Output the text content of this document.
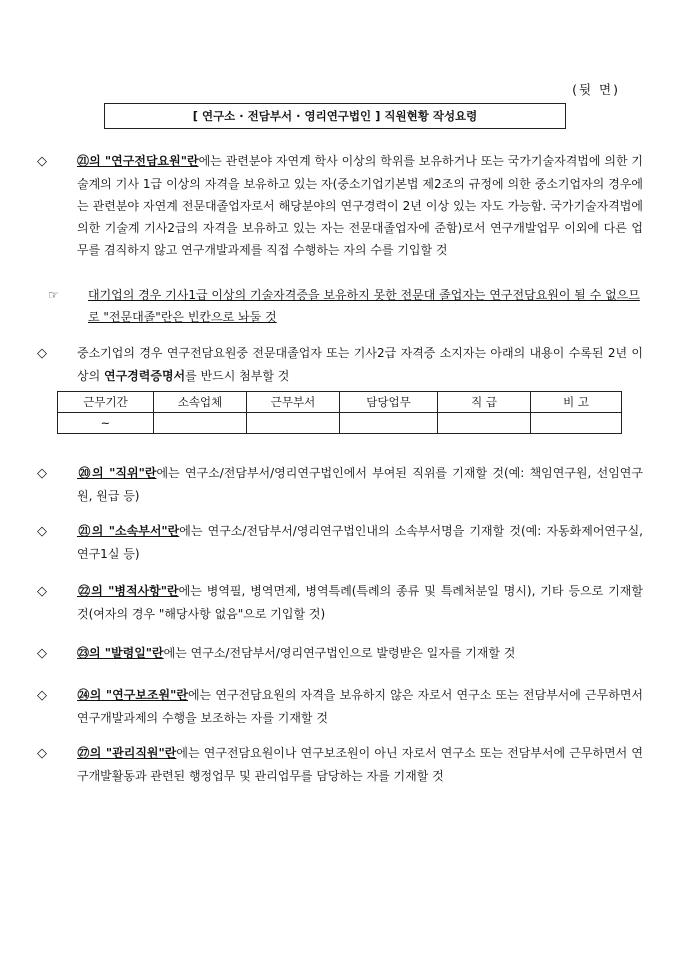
(뒷 면)
[ 연구소 · 전담부서 · 영리연구법인 ] 직원현황 작성요령
◇	㉑의 "연구전담요원"란에는 관련분야 자연계 학사 이상의 학위를 보유하거나 또는 국가기술자격법에 의한 기술계의 기사 1급 이상의 자격을 보유하고 있는 자(중소기업기본법 제2조의 규정에 의한 중소기업자의 경우에는 관련분야 자연계 전문대졸업자로서 해당분야의 연구경력이 2년 이상 있는 자도 가능함. 국가기술자격법에 의한 기술계 기사2급의 자격을 보유하고 있는 자는 전문대졸업자에 준함)로서 연구개발업무 이외에 다른 업무를 겸직하지 않고 연구개발과제를 직접 수행하는 자의 수를 기입할 것
☞ 대기업의 경우 기사1급 이상의 기술자격증을 보유하지 못한 전문대 졸업자는 연구전담요원이 될 수 없으므로 "전문대졸"란은 빈칸으로 놔둘 것
◇	중소기업의 경우 연구전담요원중 전문대졸업자 또는 기사2급 자격증 소지자는 아래의 내용이 수록된 2년 이상의 연구경력증명서를 반드시 첨부할 것
근무기간	소속업체	근무부서	담당업무	직 급	비 고
~					
◇	⑳의 "직위"란에는 연구소/전담부서/영리연구법인에서 부여된 직위를 기재할 것(예: 책임연구원, 선임연구원, 원급 등)
◇	㉑의 "소속부서"란에는 연구소/전담부서/영리연구법인내의 소속부서명을 기재할 것(예: 자동화제어연구실, 연구1실 등)
◇	㉒의 "병적사항"란에는 병역필, 병역면제, 병역특례(특례의 종류 및 특례처분일 명시), 기타 등으로 기재할 것(여자의 경우 "해당사항 없음"으로 기입할 것)
◇	㉓의 "발령일"란에는 연구소/전담부서/영리연구법인으로 발령받은 일자를 기재할 것
◇	㉔의 "연구보조원"란에는 연구전담요원의 자격을 보유하지 않은 자로서 연구소 또는 전담부서에 근무하면서 연구개발과제의 수행을 보조하는 자를 기재할 것
◇	㉗의 "관리직원"란에는 연구전담요원이나 연구보조원이 아닌 자로서 연구소 또는 전담부서에 근무하면서 연구개발활동과 관련된 행정업무 및 관리업무를 담당하는 자를 기재할 것
